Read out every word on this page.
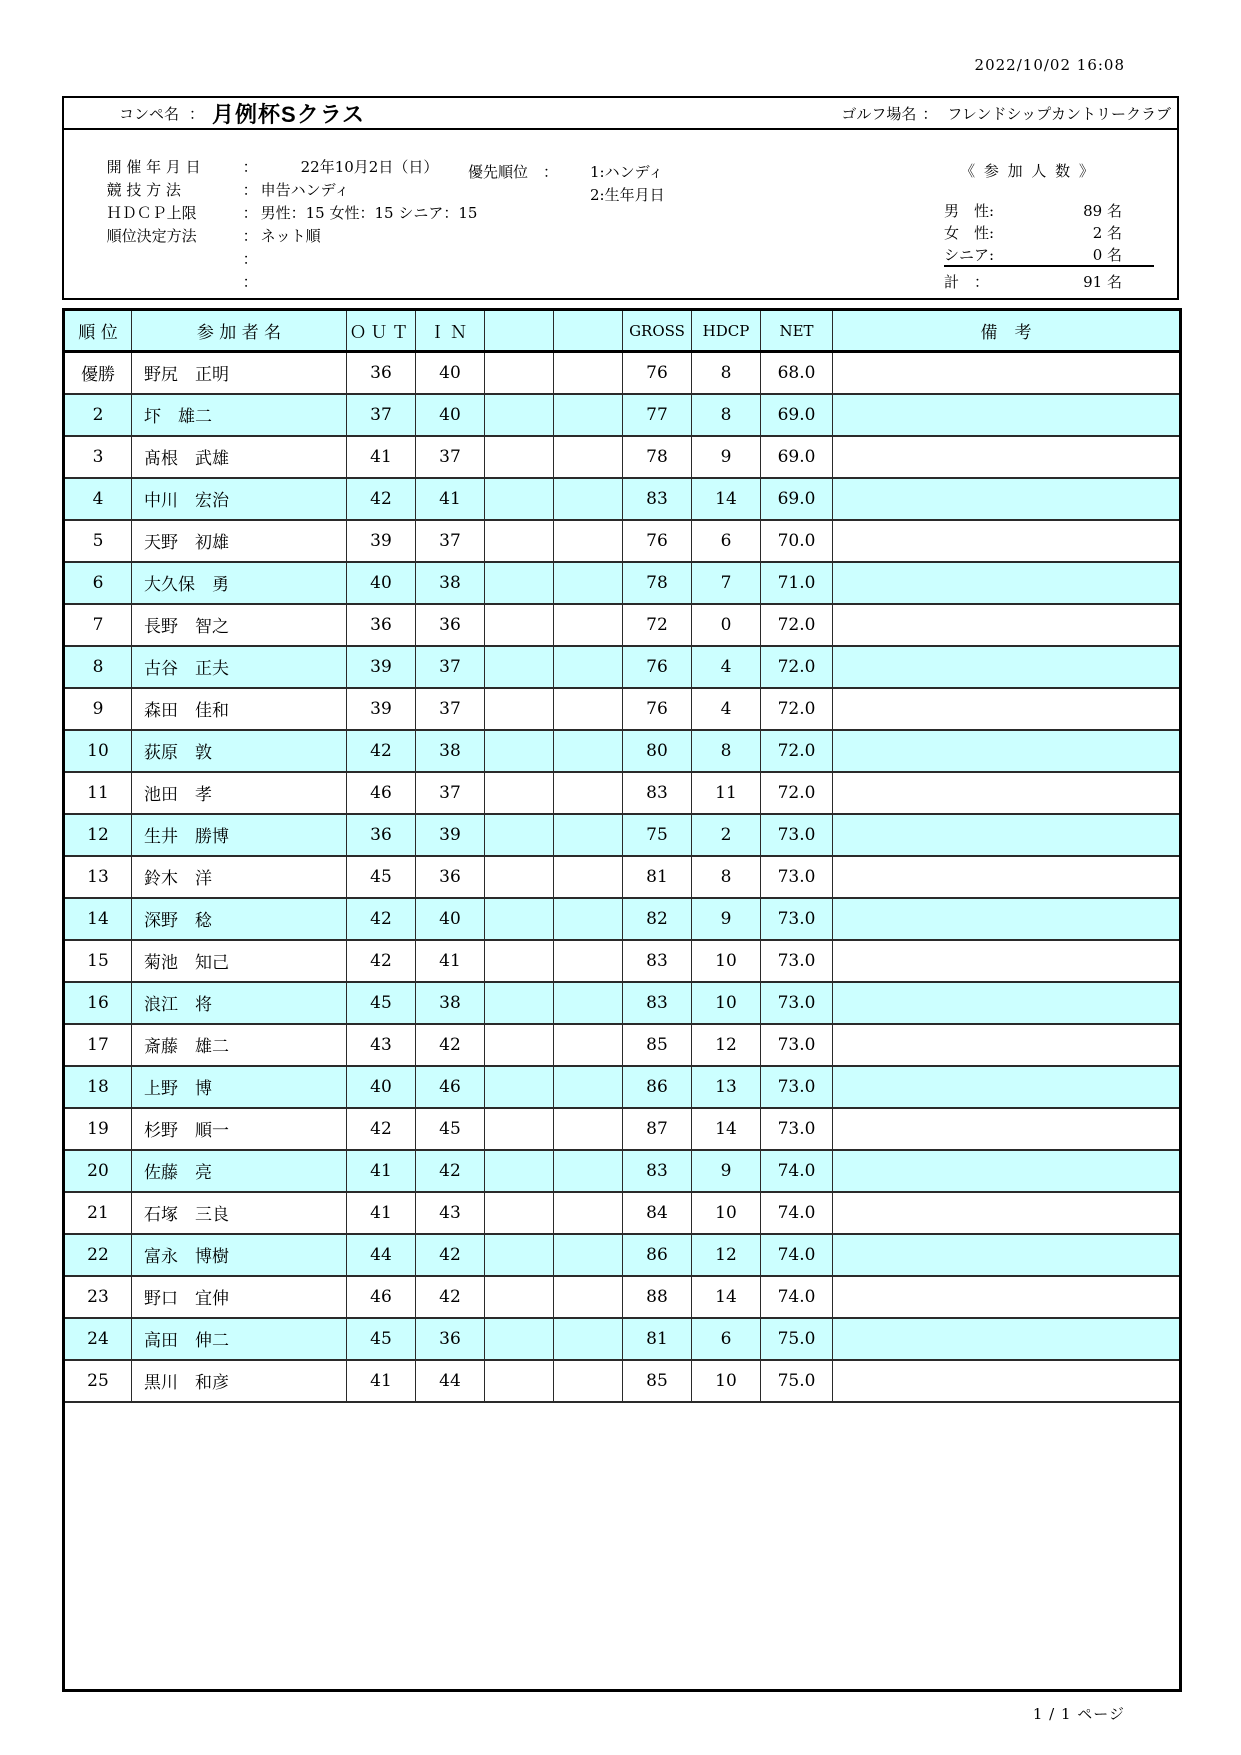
2022/10/02 16:08
コンペ名 ： 月例杯Sクラス	ゴルフ場名 ： フレンドシップカントリークラブ

開 催 年 月 日	：	22年10月2日（日）

競 技 方 法	： 申告ハンディ

優先順位　：

1:ハンディ

ＨＤＣＰ上限	： 男性：15 女性：15 シニア：15

2:生年月日

順位決定方法	： ネット順

：

：

《 参 加 人 数 》
男　性:	89 名
女　性:	2 名
シニア:	0 名
計　：	91 名
順 位	参 加 者 名	ＯＵＴ	ＩＮ			GROSS	HDCP	NET	備　考
優勝	野尻　正明	36	40			76	8	68.0	
2	圷　雄二	37	40			77	8	69.0	
3	髙根　武雄	41	37			78	9	69.0	
4	中川　宏治	42	41			83	14	69.0	
5	天野　初雄	39	37			76	6	70.0	
6	大久保　勇	40	38			78	7	71.0	
7	長野　智之	36	36			72	0	72.0	
8	古谷　正夫	39	37			76	4	72.0	
9	森田　佳和	39	37			76	4	72.0	
10	荻原　敦	42	38			80	8	72.0	
11	池田　孝	46	37			83	11	72.0	
12	生井　勝博	36	39			75	2	73.0	
13	鈴木　洋	45	36			81	8	73.0	
14	深野　稔	42	40			82	9	73.0	
15	菊池　知己	42	41			83	10	73.0	
16	浪江　将	45	38			83	10	73.0	
17	斎藤　雄二	43	42			85	12	73.0	
18	上野　博	40	46			86	13	73.0	
19	杉野　順一	42	45			87	14	73.0	
20	佐藤　亮	41	42			83	9	74.0	
21	石塚　三良	41	43			84	10	74.0	
22	富永　博樹	44	42			86	12	74.0	
23	野口　宜伸	46	42			88	14	74.0	
24	高田　伸二	45	36			81	6	75.0	
25	黒川　和彦	41	44			85	10	75.0	

1 / 1 ページ
